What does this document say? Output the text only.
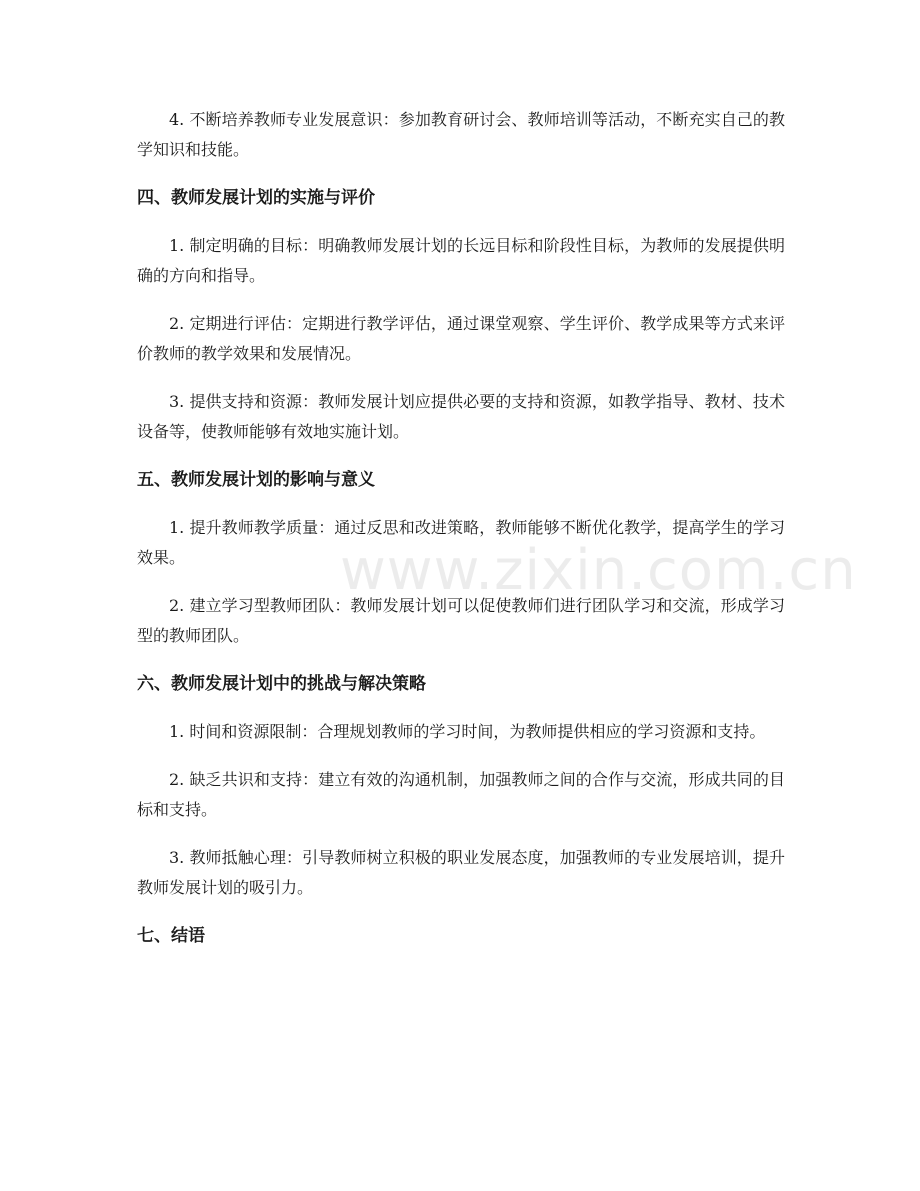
www.zixin.com.cn

4. 不断培养教师专业发展意识：参加教育研讨会、教师培训等活动，不断充实自己的教学知识和技能。

四、教师发展计划的实施与评价

1. 制定明确的目标：明确教师发展计划的长远目标和阶段性目标，为教师的发展提供明确的方向和指导。

2. 定期进行评估：定期进行教学评估，通过课堂观察、学生评价、教学成果等方式来评价教师的教学效果和发展情况。

3. 提供支持和资源：教师发展计划应提供必要的支持和资源，如教学指导、教材、技术设备等，使教师能够有效地实施计划。

五、教师发展计划的影响与意义

1. 提升教师教学质量：通过反思和改进策略，教师能够不断优化教学，提高学生的学习效果。

2. 建立学习型教师团队：教师发展计划可以促使教师们进行团队学习和交流，形成学习型的教师团队。

六、教师发展计划中的挑战与解决策略

1. 时间和资源限制：合理规划教师的学习时间，为教师提供相应的学习资源和支持。

2. 缺乏共识和支持：建立有效的沟通机制，加强教师之间的合作与交流，形成共同的目标和支持。

3. 教师抵触心理：引导教师树立积极的职业发展态度，加强教师的专业发展培训，提升教师发展计划的吸引力。

七、结语
